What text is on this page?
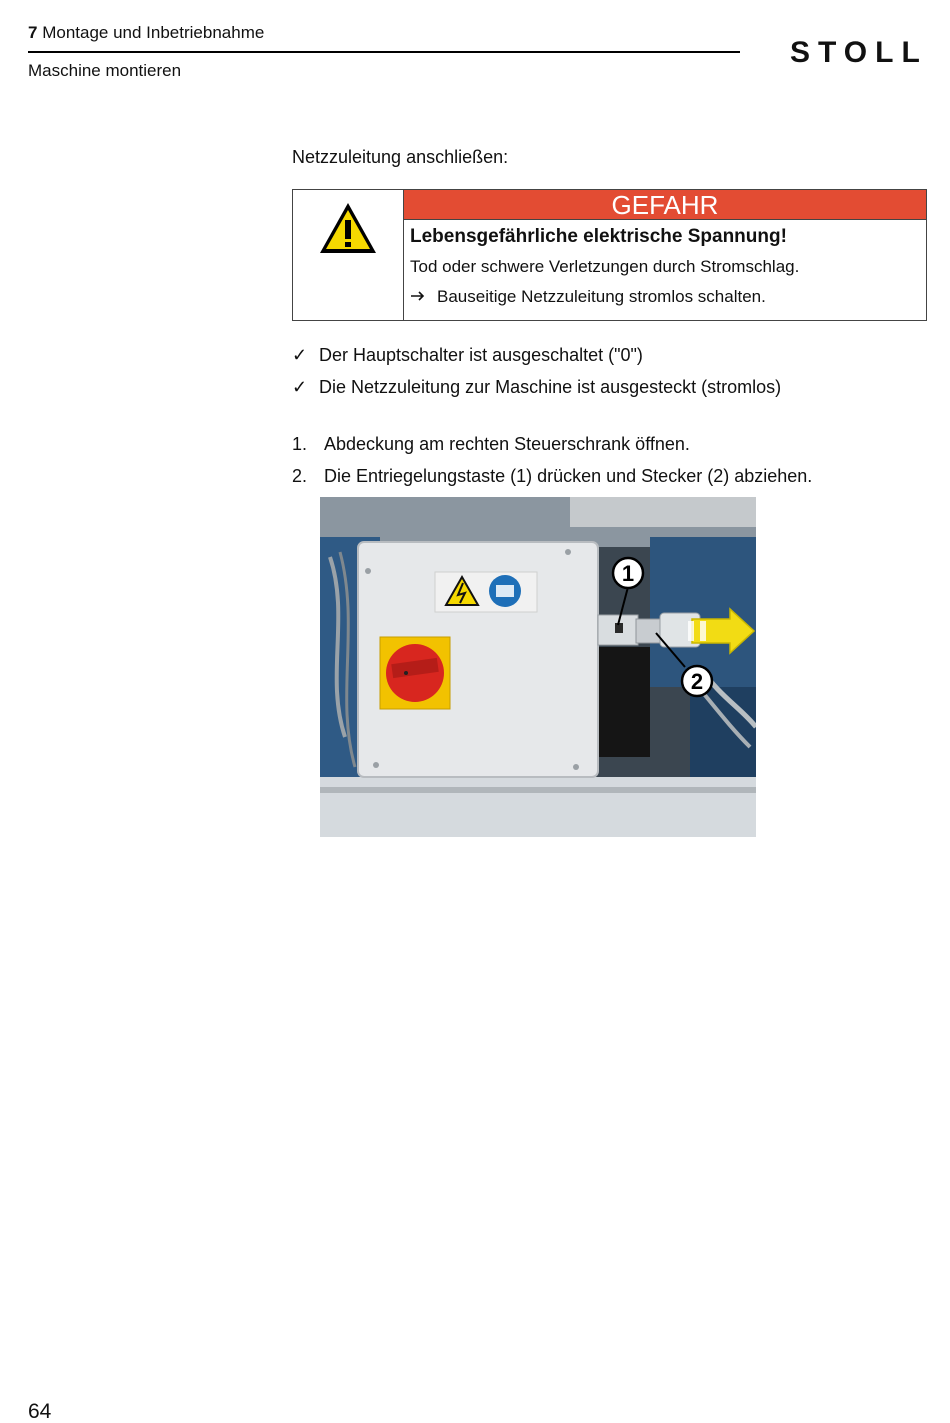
7 Montage und Inbetriebnahme
Maschine montieren
STOLL
Netzzuleitung anschließen:
GEFAHR
Lebensgefährliche elektrische Spannung!
Tod oder schwere Verletzungen durch Stromschlag.
Bauseitige Netzzuleitung stromlos schalten.
✓ Der Hauptschalter ist ausgeschaltet ("0")
✓ Die Netzzuleitung zur Maschine ist ausgesteckt (stromlos)
1. Abdeckung am rechten Steuerschrank öffnen.
2. Die Entriegelungstaste (1) drücken und Stecker (2) abziehen.
1
2
64
